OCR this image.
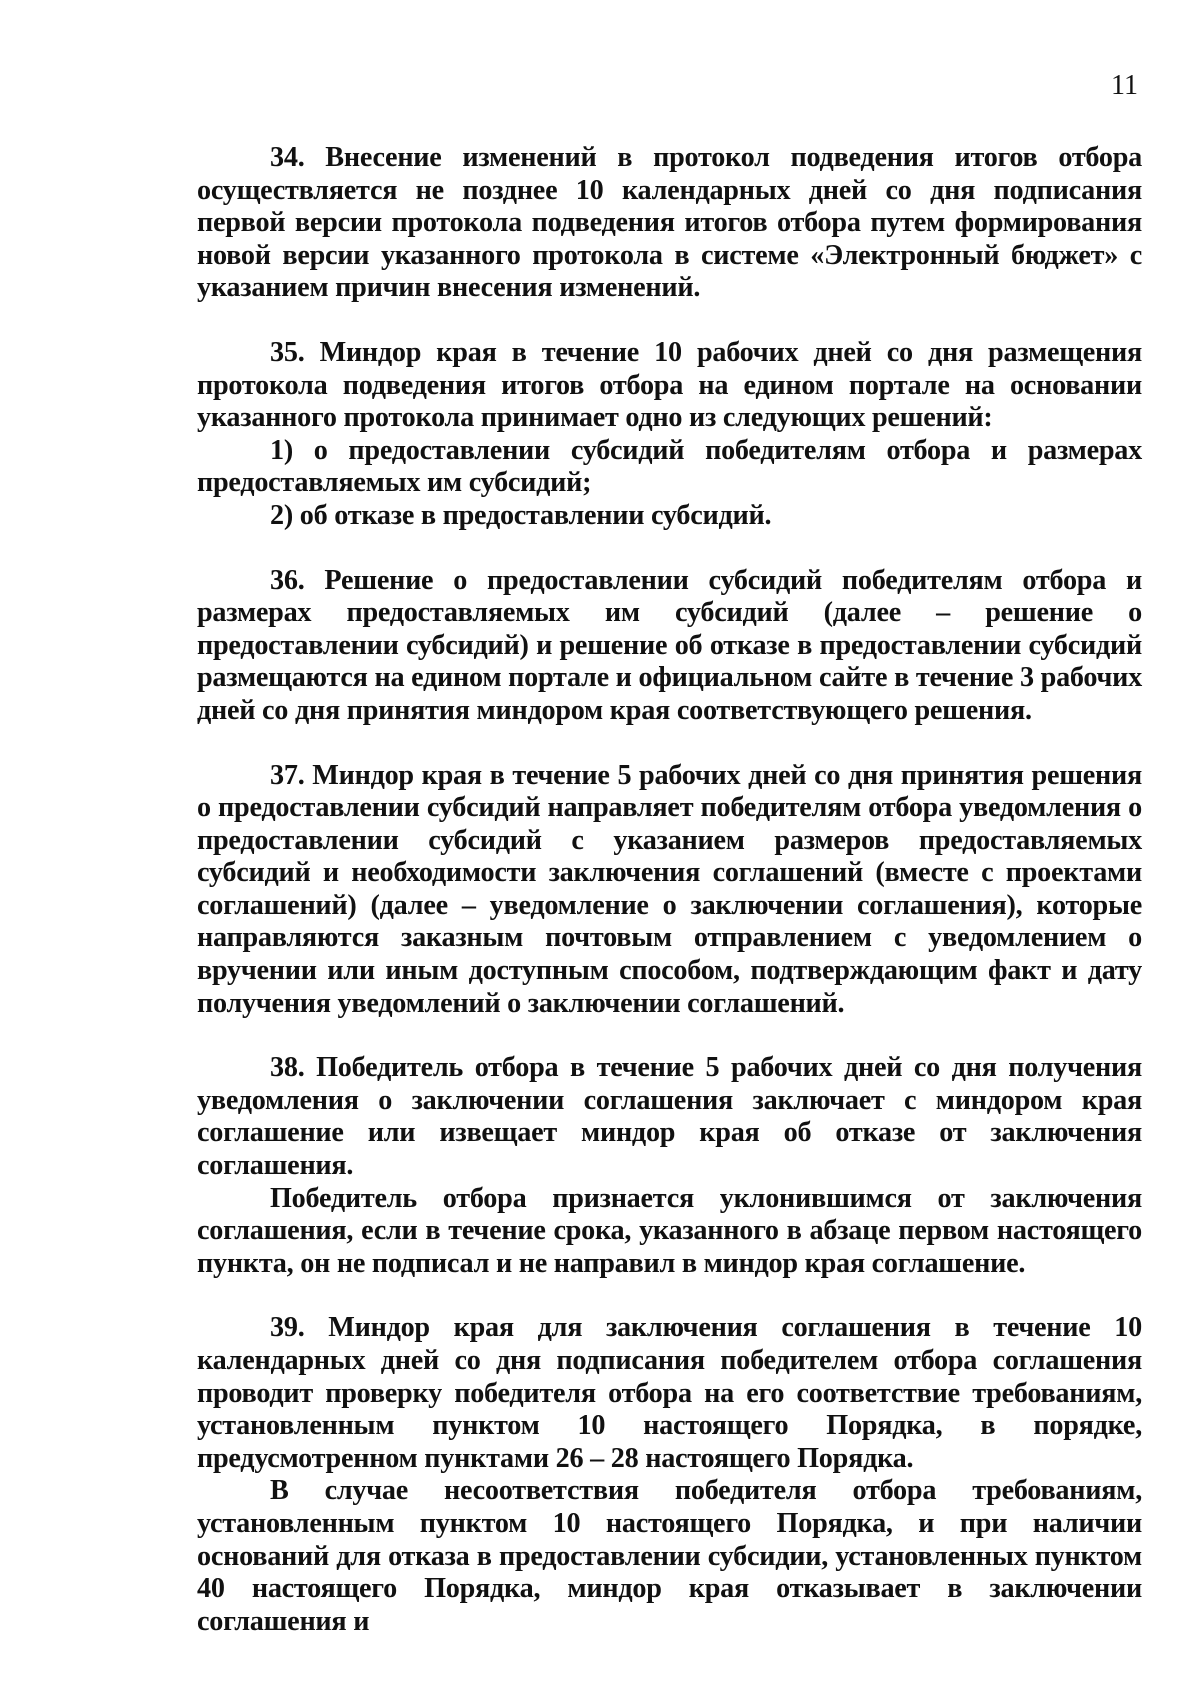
11

34. Внесение изменений в протокол подведения итогов отбора осуществляется не позднее 10 календарных дней со дня подписания первой версии протокола подведения итогов отбора путем формирования новой версии указанного протокола в системе «Электронный бюджет» с указанием причин внесения изменений.

35. Миндор края в течение 10 рабочих дней со дня размещения протокола подведения итогов отбора на едином портале на основании указанного протокола принимает одно из следующих решений:

1) о предоставлении субсидий победителям отбора и размерах предоставляемых им субсидий;

2) об отказе в предоставлении субсидий.

36. Решение о предоставлении субсидий победителям отбора и размерах предоставляемых им субсидий (далее – решение о предоставлении субсидий) и решение об отказе в предоставлении субсидий размещаются на едином портале и официальном сайте в течение 3 рабочих дней со дня принятия миндором края соответствующего решения.

37. Миндор края в течение 5 рабочих дней со дня принятия решения о предоставлении субсидий направляет победителям отбора уведомления о предоставлении субсидий с указанием размеров предоставляемых субсидий и необходимости заключения соглашений (вместе с проектами соглашений) (далее – уведомление о заключении соглашения), которые направляются заказным почтовым отправлением с уведомлением о вручении или иным доступным способом, подтверждающим факт и дату получения уведомлений о заключении соглашений.

38. Победитель отбора в течение 5 рабочих дней со дня получения уведомления о заключении соглашения заключает с миндором края соглашение или извещает миндор края об отказе от заключения соглашения.

Победитель отбора признается уклонившимся от заключения соглашения, если в течение срока, указанного в абзаце первом настоящего пункта, он не подписал и не направил в миндор края соглашение.

39. Миндор края для заключения соглашения в течение 10 календарных дней со дня подписания победителем отбора соглашения проводит проверку победителя отбора на его соответствие требованиям, установленным пунктом 10 настоящего Порядка, в порядке, предусмотренном пунктами 26 – 28 настоящего Порядка.

В случае несоответствия победителя отбора требованиям, установленным пунктом 10 настоящего Порядка, и при наличии оснований для отказа в предоставлении субсидии, установленных пунктом 40 настоящего Порядка, миндор края отказывает в заключении соглашения и
